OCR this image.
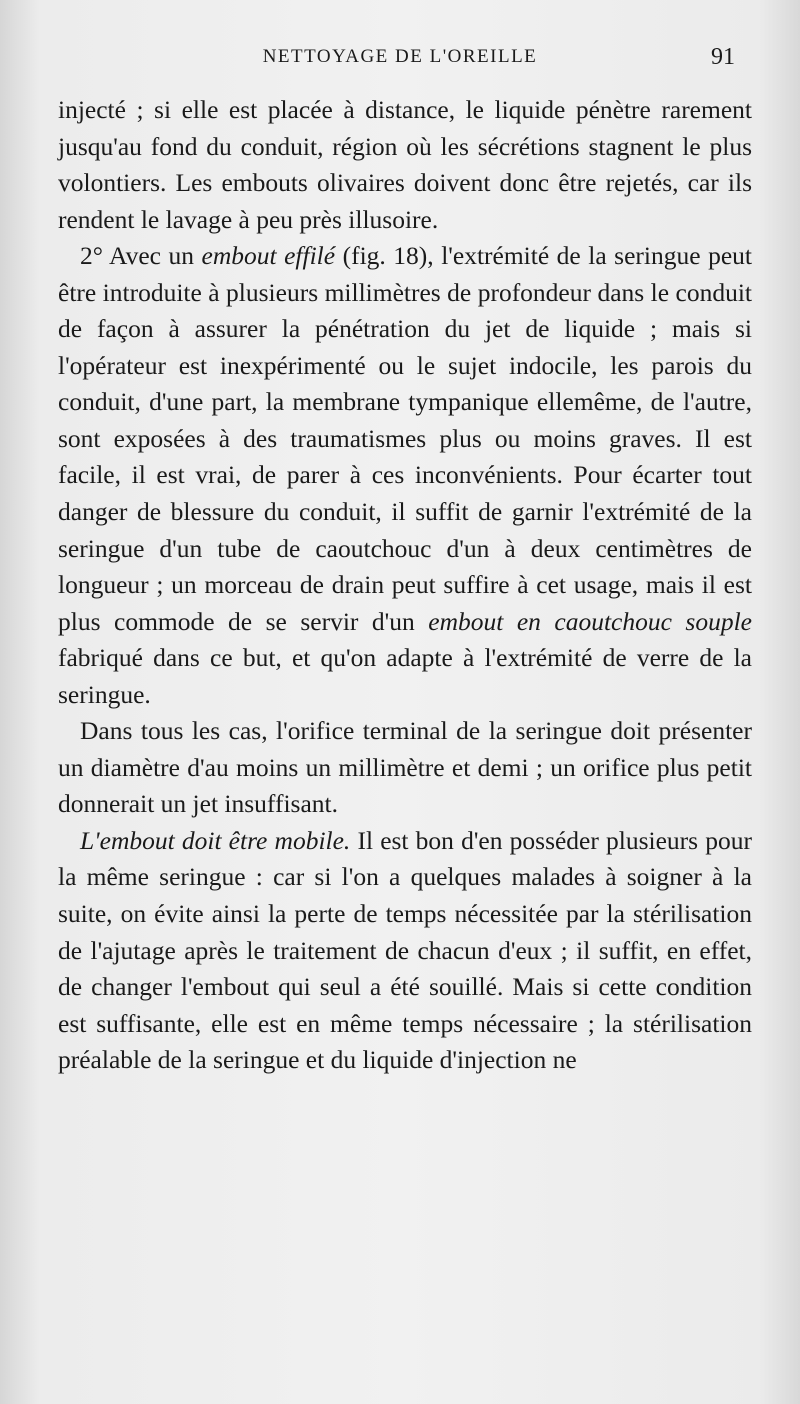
NETTOYAGE DE L'OREILLE	91

injecté ; si elle est placée à distance, le liquide pénètre rarement jusqu'au fond du conduit, région où les sécrétions stagnent le plus volontiers. Les embouts olivaires doivent donc être rejetés, car ils rendent le lavage à peu près illusoire.

2° Avec un embout effilé (fig. 18), l'extrémité de la seringue peut être introduite à plusieurs millimètres de profondeur dans le conduit de façon à assurer la pénétration du jet de liquide ; mais si l'opérateur est inexpérimenté ou le sujet indocile, les parois du conduit, d'une part, la membrane tympanique ellemême, de l'autre, sont exposées à des traumatismes plus ou moins graves. Il est facile, il est vrai, de parer à ces inconvénients. Pour écarter tout danger de blessure du conduit, il suffit de garnir l'extrémité de la seringue d'un tube de caoutchouc d'un à deux centimètres de longueur ; un morceau de drain peut suffire à cet usage, mais il est plus commode de se servir d'un embout en caoutchouc souple fabriqué dans ce but, et qu'on adapte à l'extrémité de verre de la seringue.

Dans tous les cas, l'orifice terminal de la seringue doit présenter un diamètre d'au moins un millimètre et demi ; un orifice plus petit donnerait un jet insuffisant.

L'embout doit être mobile. Il est bon d'en posséder plusieurs pour la même seringue : car si l'on a quelques malades à soigner à la suite, on évite ainsi la perte de temps nécessitée par la stérilisation de l'ajutage après le traitement de chacun d'eux ; il suffit, en effet, de changer l'embout qui seul a été souillé. Mais si cette condition est suffisante, elle est en même temps nécessaire ; la stérilisation préalable de la seringue et du liquide d'injection ne
